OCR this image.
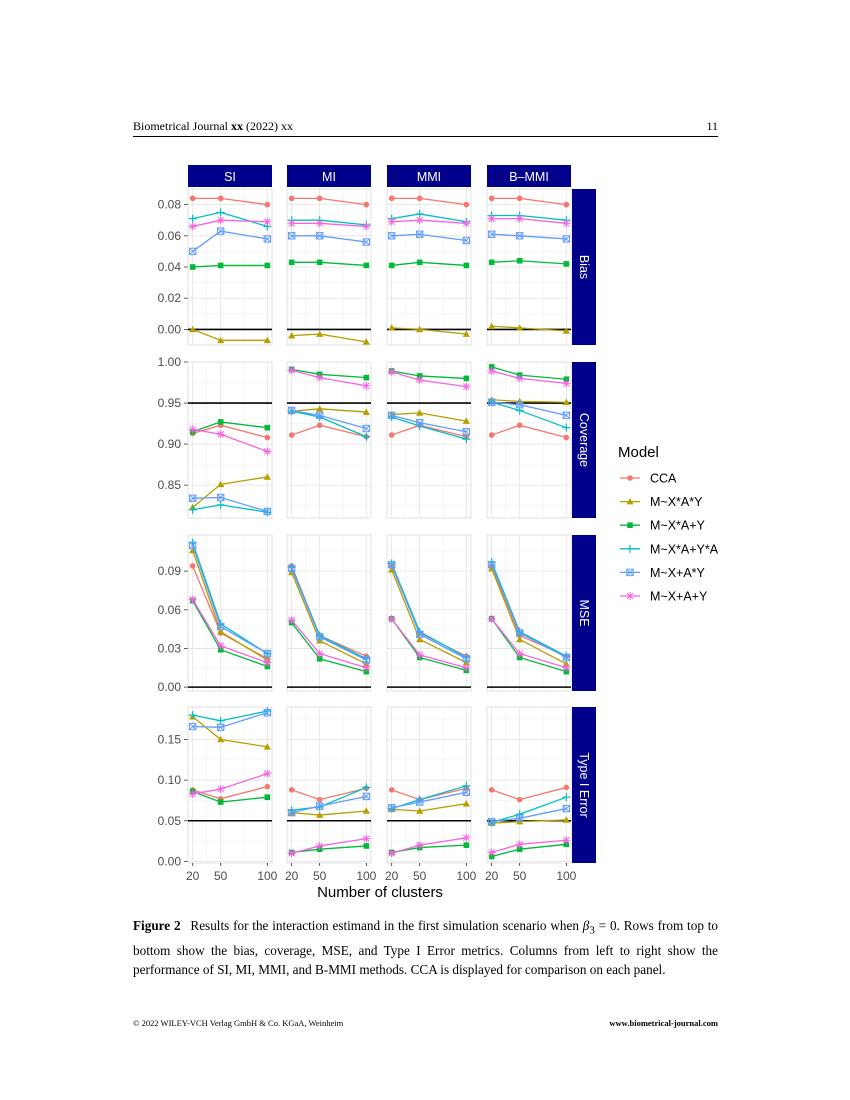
Biometrical Journal xx (2022) xx	11
SI	MI	MMI	B–MMI
Bias
0.00
0.02
0.04
0.06
0.08
Coverage
0.85
0.90
0.95
1.00
MSE
0.00
0.03
0.06
0.09
Type I Error
0.00
0.05
0.10
0.15
20 50 100 20 50 100 20 50 100 20 50 100
Number of clusters
Model
CCA
M~X*A*Y
M~X*A+Y
M~X*A+Y*A
M~X+A*Y
M~X+A+Y
Figure 2 Results for the interaction estimand in the first simulation scenario when $\beta_3 = 0$. Rows from top to bottom show the bias, coverage, MSE, and Type I Error metrics. Columns from left to right show the performance of SI, MI, MMI, and B-MMI methods. CCA is displayed for comparison on each panel.
© 2022 WILEY-VCH Verlag GmbH & Co. KGaA, Weinheim	www.biometrical-journal.com
